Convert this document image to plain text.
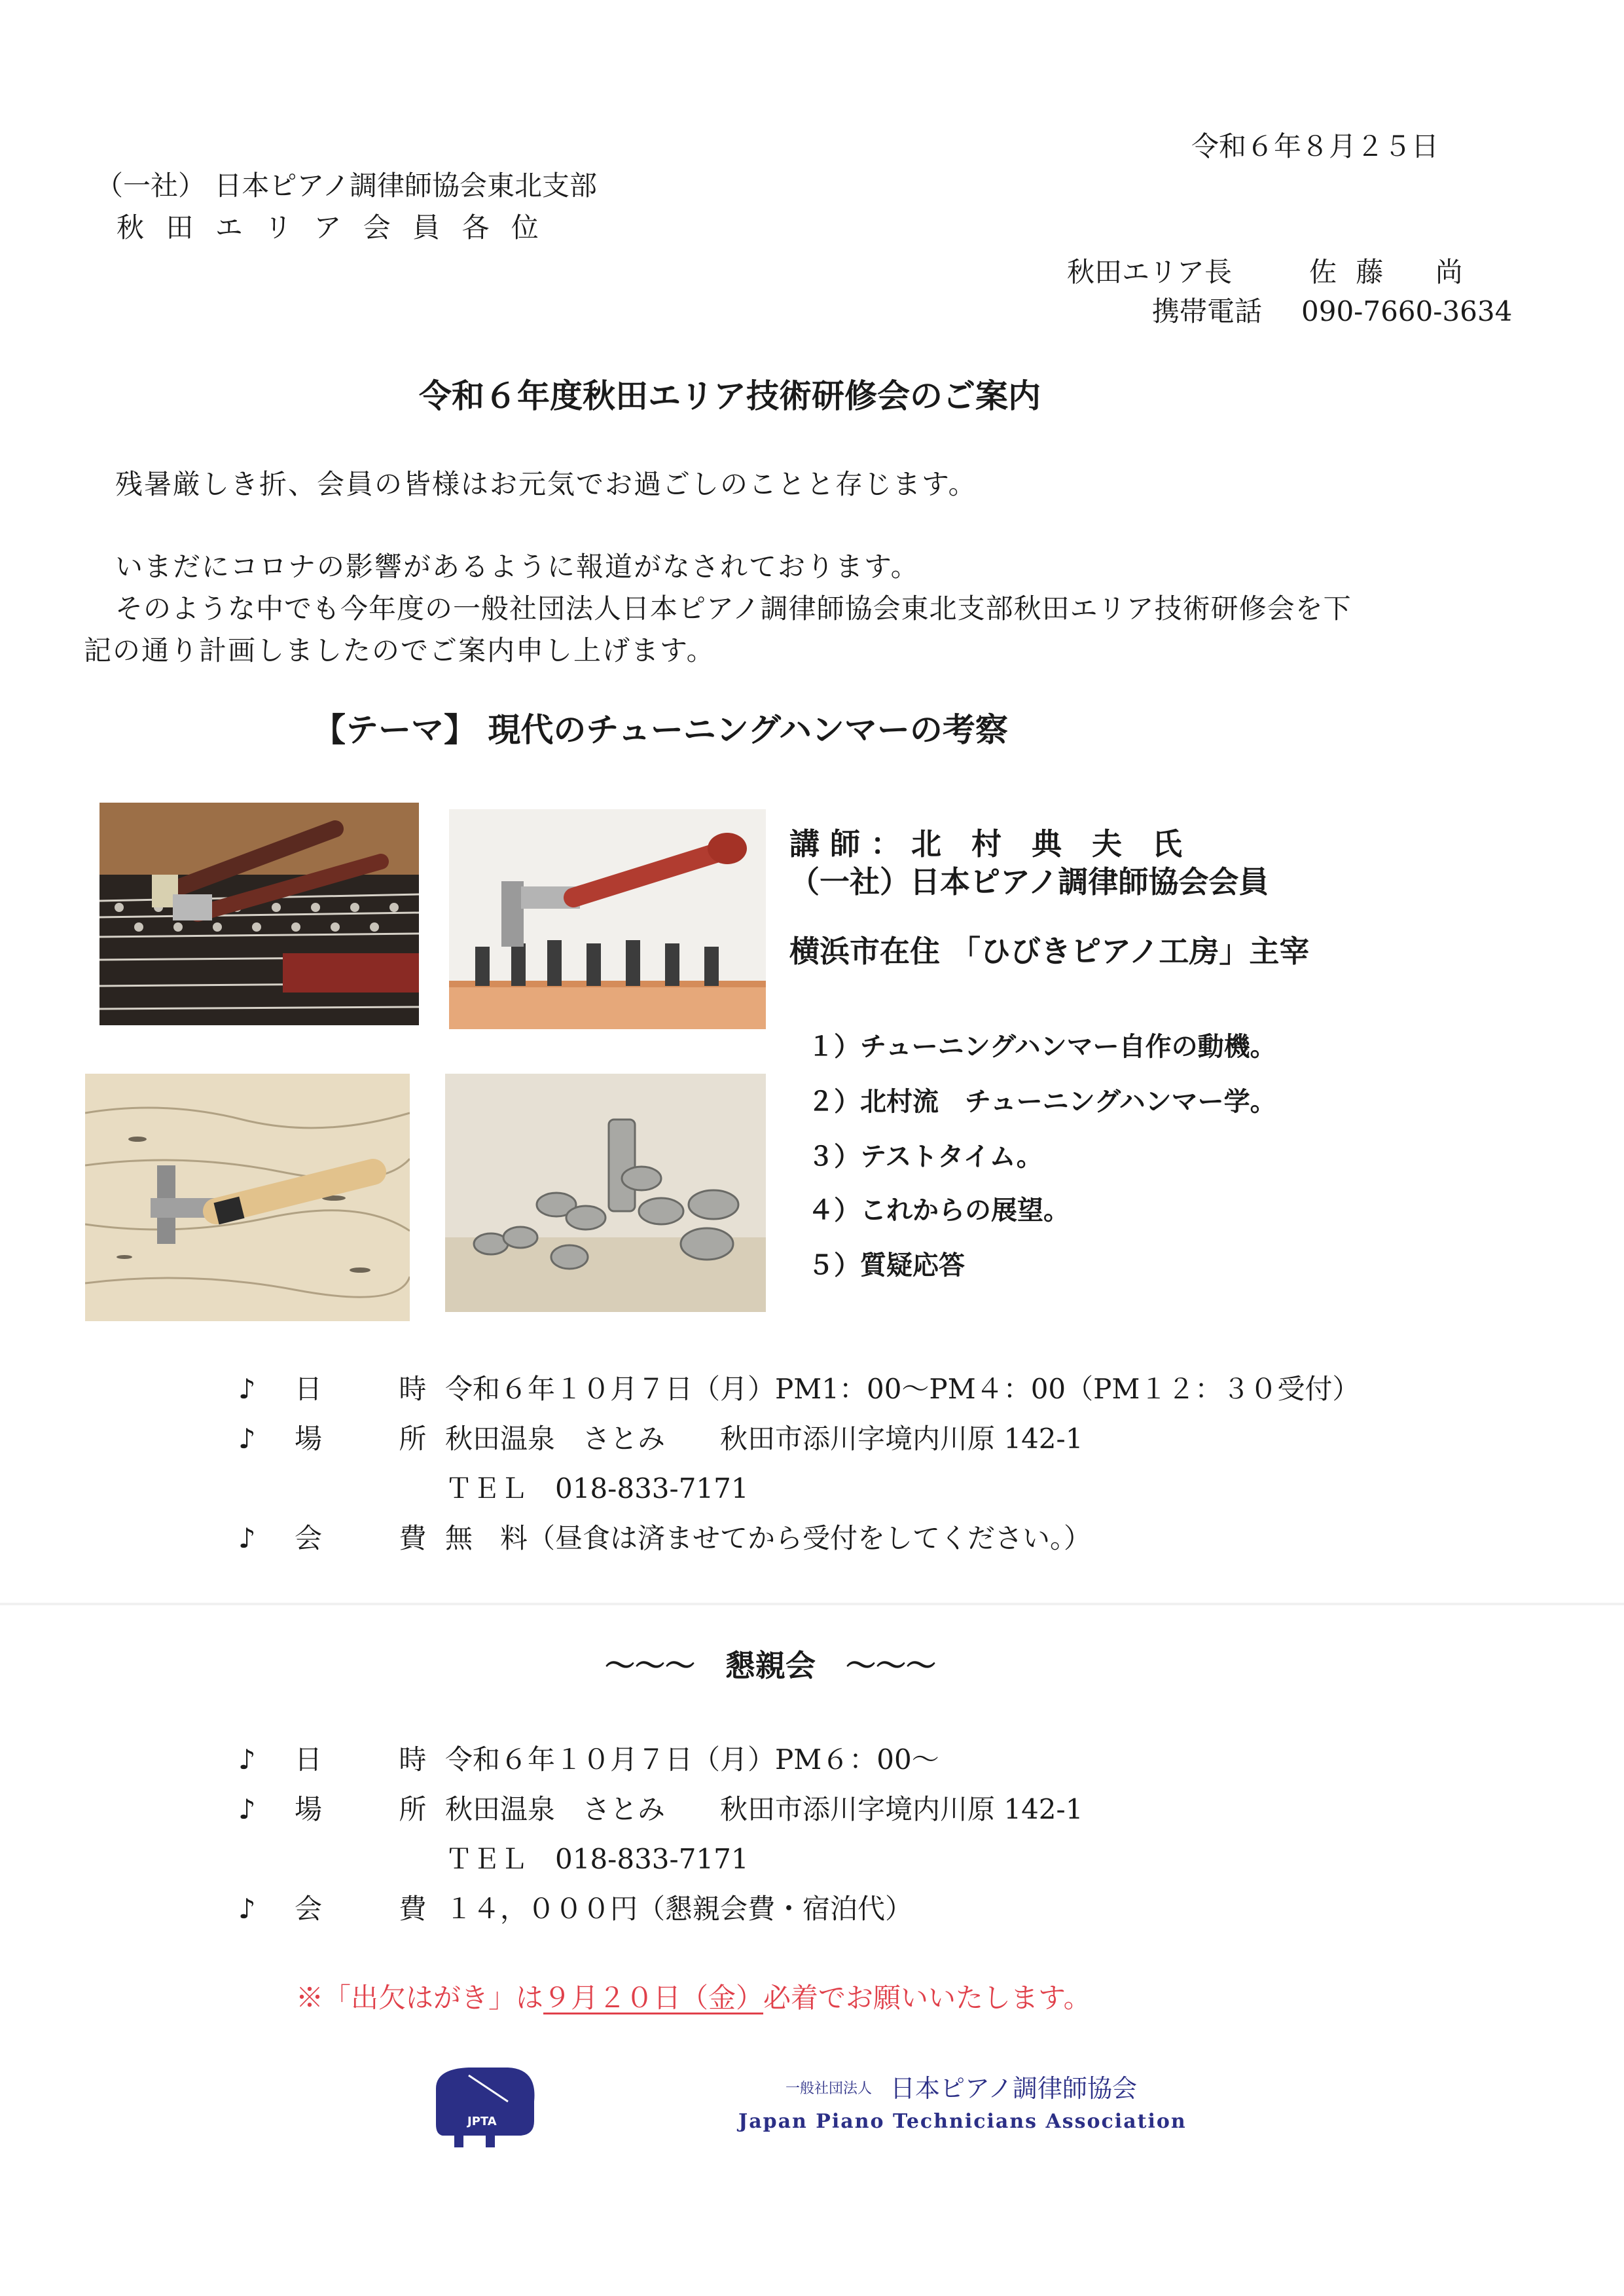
令和６年８月２５日
（一社） 日本ピアノ調律師協会東北支部
秋 田 エ リ ア 会 員 各 位
秋田エリア長	佐 藤　 尚
携帯電話 090-7660-3634
令和６年度秋田エリア技術研修会のご案内
残暑厳しき折、会員の皆様はお元気でお過ごしのことと存じます。
いまだにコロナの影響があるように報道がなされております。
そのような中でも今年度の一般社団法人日本ピアノ調律師協会東北支部秋田エリア技術研修会を下
記の通り計画しましたのでご案内申し上げます。
【テーマ】 現代のチューニングハンマーの考察
講 師 ： 北　村　典　夫　氏
（一社）日本ピアノ調律師協会会員
横浜市在住 「ひびきピアノ工房」主宰
１）チューニングハンマー自作の動機。
２）北村流　チューニングハンマー学。
３）テストタイム。
４）これからの展望。
５）質疑応答
♪ 日 時
令和６年１０月７日（月）PM1：00〜PM４：00（PM１２：３０受付）
♪ 場 所
秋田温泉　さとみ　　秋田市添川字境内川原 142-1
ＴＥＬ　018-833-7171
♪ 会 費
無　料（昼食は済ませてから受付をしてください。）
〜〜〜　懇親会　〜〜〜
♪ 日 時
令和６年１０月７日（月）PM６：00〜
♪ 場 所
秋田温泉　さとみ　　秋田市添川字境内川原 142-1
ＴＥＬ　018-833-7171
♪ 会 費
１４，０００円（懇親会費・宿泊代）
※「出欠はがき」は９月２０日（金）必着でお願いいたします。
JPTA
一般社団法人 日本ピアノ調律師協会
Japan Piano Technicians Association
